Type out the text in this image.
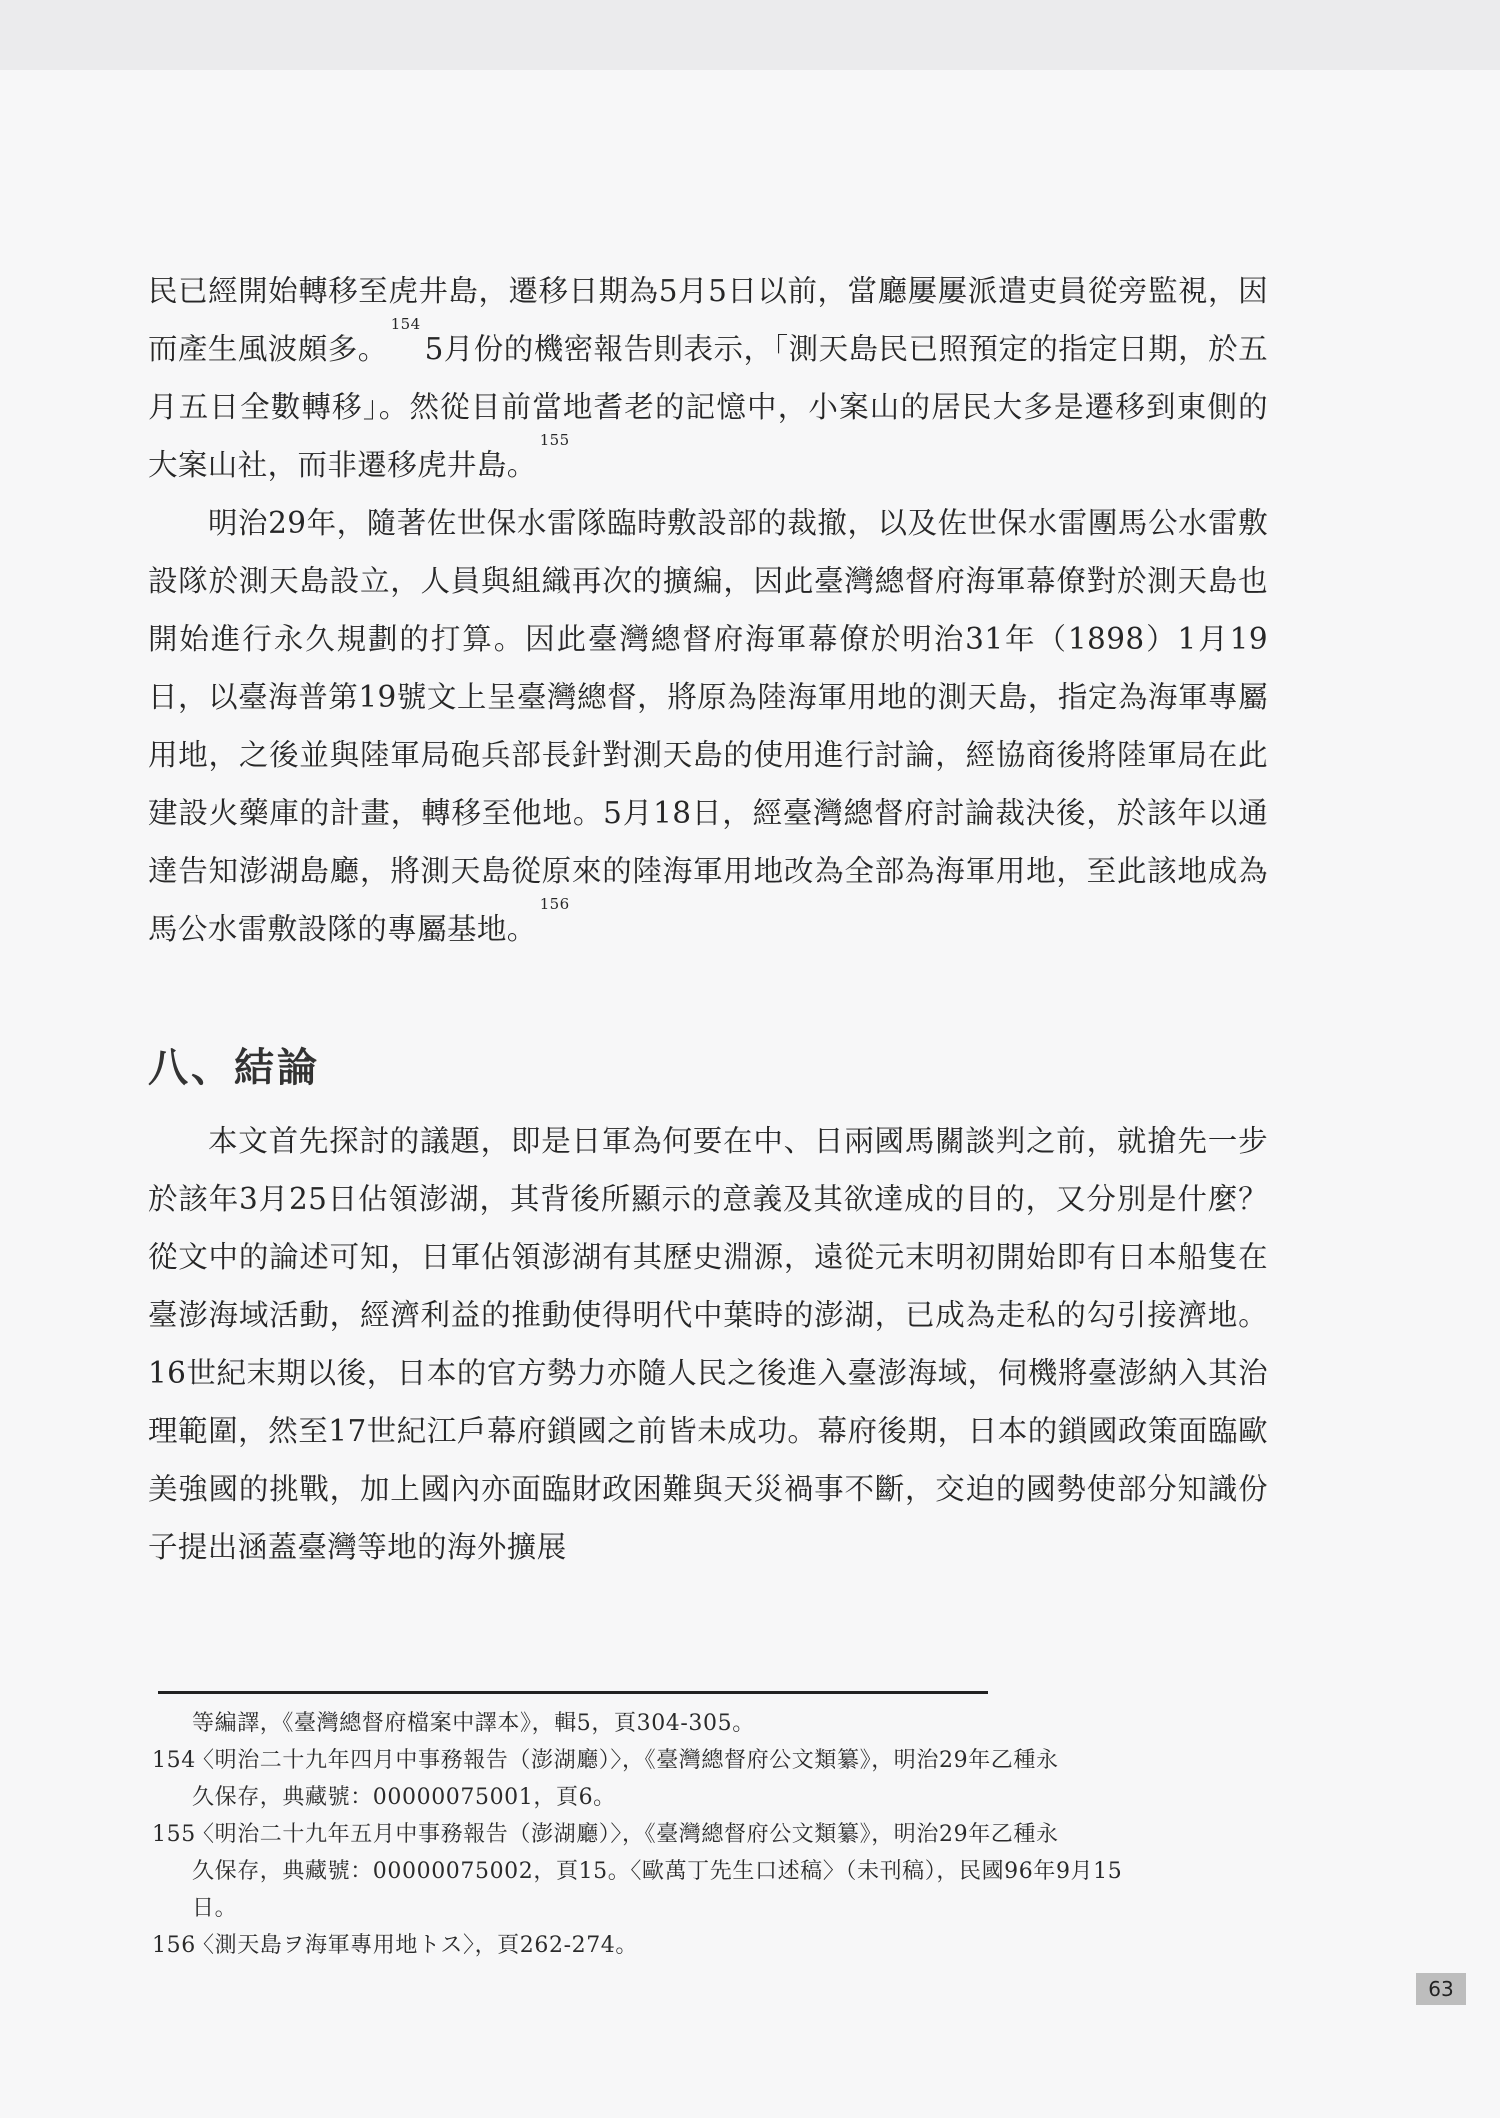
民已經開始轉移至虎井島，遷移日期為5月5日以前，當廳屢屢派遣吏員從旁監視，因而產生風波頗多。$^{154}$5月份的機密報告則表示，「測天島民已照預定的指定日期，於五月五日全數轉移」。然從目前當地耆老的記憶中，小案山的居民大多是遷移到東側的大案山社，而非遷移虎井島。$^{155}$

明治29年，隨著佐世保水雷隊臨時敷設部的裁撤，以及佐世保水雷團馬公水雷敷設隊於測天島設立，人員與組織再次的擴編，因此臺灣總督府海軍幕僚對於測天島也開始進行永久規劃的打算。因此臺灣總督府海軍幕僚於明治31年（1898）1月19日，以臺海普第19號文上呈臺灣總督，將原為陸海軍用地的測天島，指定為海軍專屬用地，之後並與陸軍局砲兵部長針對測天島的使用進行討論，經協商後將陸軍局在此建設火藥庫的計畫，轉移至他地。5月18日，經臺灣總督府討論裁決後，於該年以通達告知澎湖島廳，將測天島從原來的陸海軍用地改為全部為海軍用地，至此該地成為馬公水雷敷設隊的專屬基地。$^{156}$

八、結論

本文首先探討的議題，即是日軍為何要在中、日兩國馬關談判之前，就搶先一步於該年3月25日佔領澎湖，其背後所顯示的意義及其欲達成的目的，又分別是什麼？從文中的論述可知，日軍佔領澎湖有其歷史淵源，遠從元末明初開始即有日本船隻在臺澎海域活動，經濟利益的推動使得明代中葉時的澎湖，已成為走私的勾引接濟地。16世紀末期以後，日本的官方勢力亦隨人民之後進入臺澎海域，伺機將臺澎納入其治理範圍，然至17世紀江戶幕府鎖國之前皆未成功。幕府後期，日本的鎖國政策面臨歐美強國的挑戰，加上國內亦面臨財政困難與天災禍事不斷，交迫的國勢使部分知識份子提出涵蓋臺灣等地的海外擴展

等編譯，《臺灣總督府檔案中譯本》，輯5，頁304-305。
154
〈明治二十九年四月中事務報告（澎湖廳）〉，《臺灣總督府公文類纂》，明治29年乙種永
久保存，典藏號：00000075001，頁6。
155
〈明治二十九年五月中事務報告（澎湖廳）〉，《臺灣總督府公文類纂》，明治29年乙種永
久保存，典藏號：00000075002，頁15。〈歐萬丁先生口述稿〉（未刊稿），民國96年9月15
日。
156
〈測天島ヲ海軍專用地トス〉，頁262-274。
63
